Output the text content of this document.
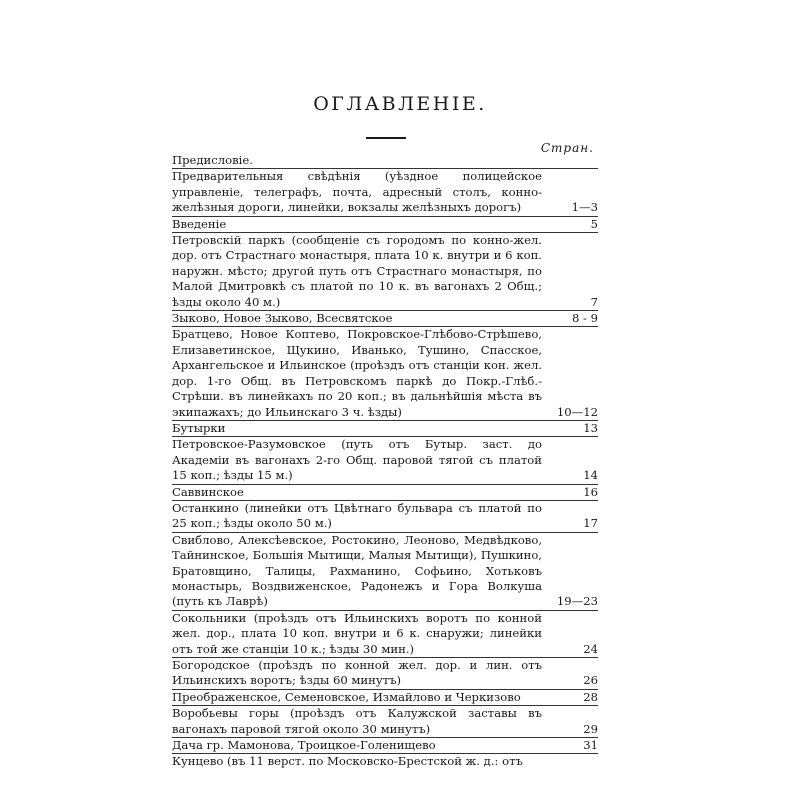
ОГЛАВЛЕНІЕ.
Стран.
Предисловіе.
Предварительныя свѣдѣнія (уѣздное полицейское управленіе, телеграфъ, почта, адресный столъ, конно-желѣзныя дороги, линейки, вокзалы желѣзныхъ дорогъ)	1—3
Введеніе	5
Петровскій паркъ (сообщеніе съ городомъ по конно-жел. дор. отъ Страстнаго монастыря, плата 10 к. внутри и 6 коп. наружн. мѣсто; другой путь отъ Страстнаго монастыря, по Малой Дмитровкѣ съ платой по 10 к. въ вагонахъ 2 Общ.; ѣзды около 40 м.)	7
Зыково, Новое Зыково, Всесвятское	8 - 9
Братцево, Новое Коптево, Покровское-Глѣбово-Стрѣшево, Елизаветинское, Щукино, Иванько, Тушино, Спасское, Архангельское и Ильинское (проѣздъ отъ станціи кон. жел. дор. 1-го Общ. въ Петровскомъ паркѣ до Покр.-Глѣб.-Стрѣши. въ линейкахъ по 20 коп.; въ дальнѣйшія мѣста въ экипажахъ; до Ильинскаго 3 ч. ѣзды)	10—12
Бутырки	13
Петровское-Разумовское (путь отъ Бутыр. заст. до Академіи въ вагонахъ 2-го Общ. паровой тягой съ платой 15 коп.; ѣзды 15 м.)	14
Саввинское	16
Останкино (линейки отъ Цвѣтнаго бульвара съ платой по 25 коп.; ѣзды около 50 м.)	17
Свиблово, Алексѣевское, Ростокино, Леоново, Медвѣдково, Тайнинское, Большія Мытищи, Малыя Мытищи), Пушкино, Братовщино, Талицы, Рахманино, Софьино, Хотьковъ монастырь, Воздвиженское, Радонежъ и Гора Волкуша (путь къ Лаврѣ)	19—23
Сокольники (проѣздъ отъ Ильинскихъ воротъ по конной жел. дор., плата 10 коп. внутри и 6 к. снаружи; линейки отъ той же станціи 10 к.; ѣзды 30 мин.)	24
Богородское (проѣздъ по конной жел. дор. и лин. отъ Ильинскихъ воротъ; ѣзды 60 минутъ)	26
Преображенское, Семеновское, Измайлово и Черкизово	28
Воробьевы горы (проѣздъ отъ Калужской заставы въ вагонахъ паровой тягой около 30 минутъ)	29
Дача гр. Мамонова, Троицкое-Голенищево	31
Кунцево (въ 11 верст. по Московско-Брестской ж. д.: отъ
